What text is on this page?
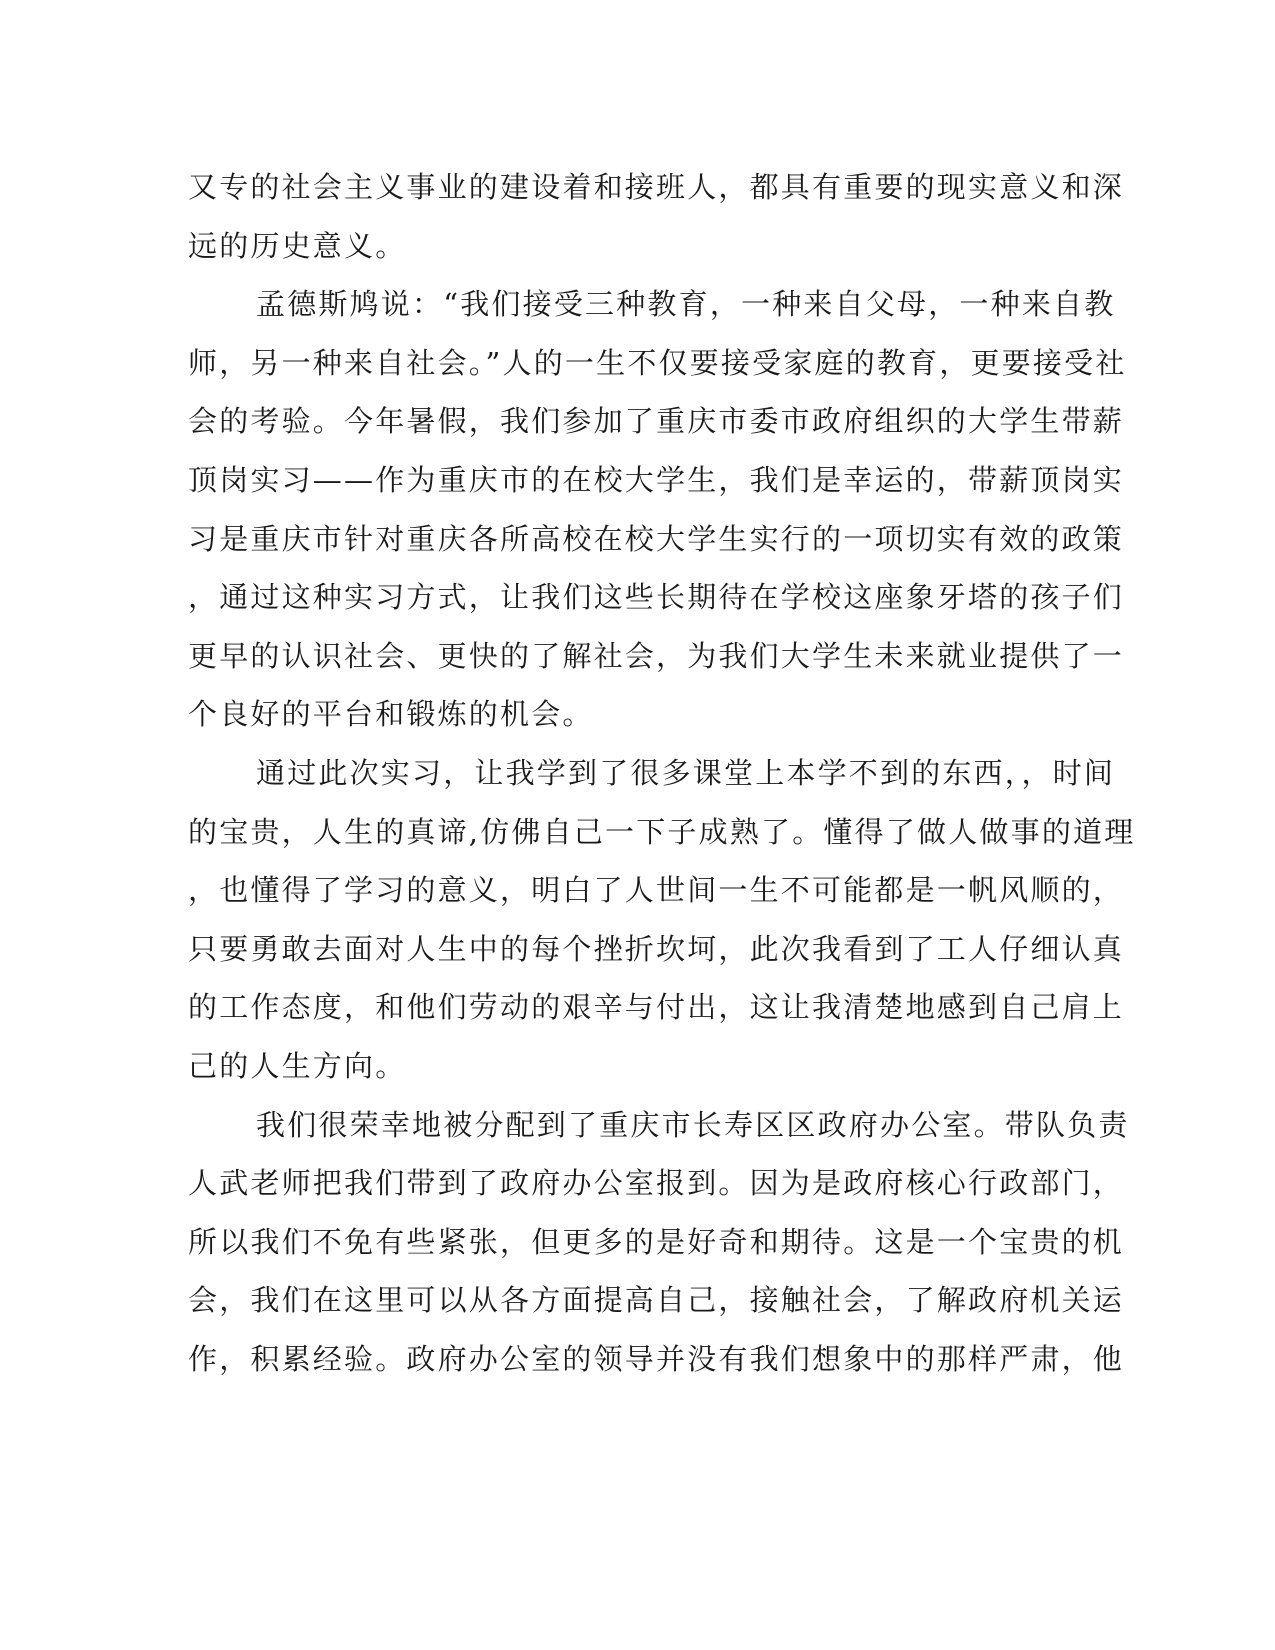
又专的社会主义事业的建设着和接班人，都具有重要的现实意义和深
远的历史意义。
孟德斯鸠说：“我们接受三种教育，一种来自父母，一种来自教
师，另一种来自社会。”人的一生不仅要接受家庭的教育，更要接受社
会的考验。今年暑假，我们参加了重庆市委市政府组织的大学生带薪
顶岗实习——作为重庆市的在校大学生，我们是幸运的，带薪顶岗实
习是重庆市针对重庆各所高校在校大学生实行的一项切实有效的政策
，通过这种实习方式，让我们这些长期待在学校这座象牙塔的孩子们
更早的认识社会、更快的了解社会，为我们大学生未来就业提供了一
个良好的平台和锻炼的机会。
通过此次实习，让我学到了很多课堂上本学不到的东西，，时间
的宝贵，人生的真谛,仿佛自己一下子成熟了。懂得了做人做事的道理
，也懂得了学习的意义，明白了人世间一生不可能都是一帆风顺的，
只要勇敢去面对人生中的每个挫折坎坷，此次我看到了工人仔细认真
的工作态度，和他们劳动的艰辛与付出，这让我清楚地感到自己肩上
己的人生方向。
我们很荣幸地被分配到了重庆市长寿区区政府办公室。带队负责
人武老师把我们带到了政府办公室报到。因为是政府核心行政部门，
所以我们不免有些紧张，但更多的是好奇和期待。这是一个宝贵的机
会，我们在这里可以从各方面提高自己，接触社会，了解政府机关运
作，积累经验。政府办公室的领导并没有我们想象中的那样严肃，他
